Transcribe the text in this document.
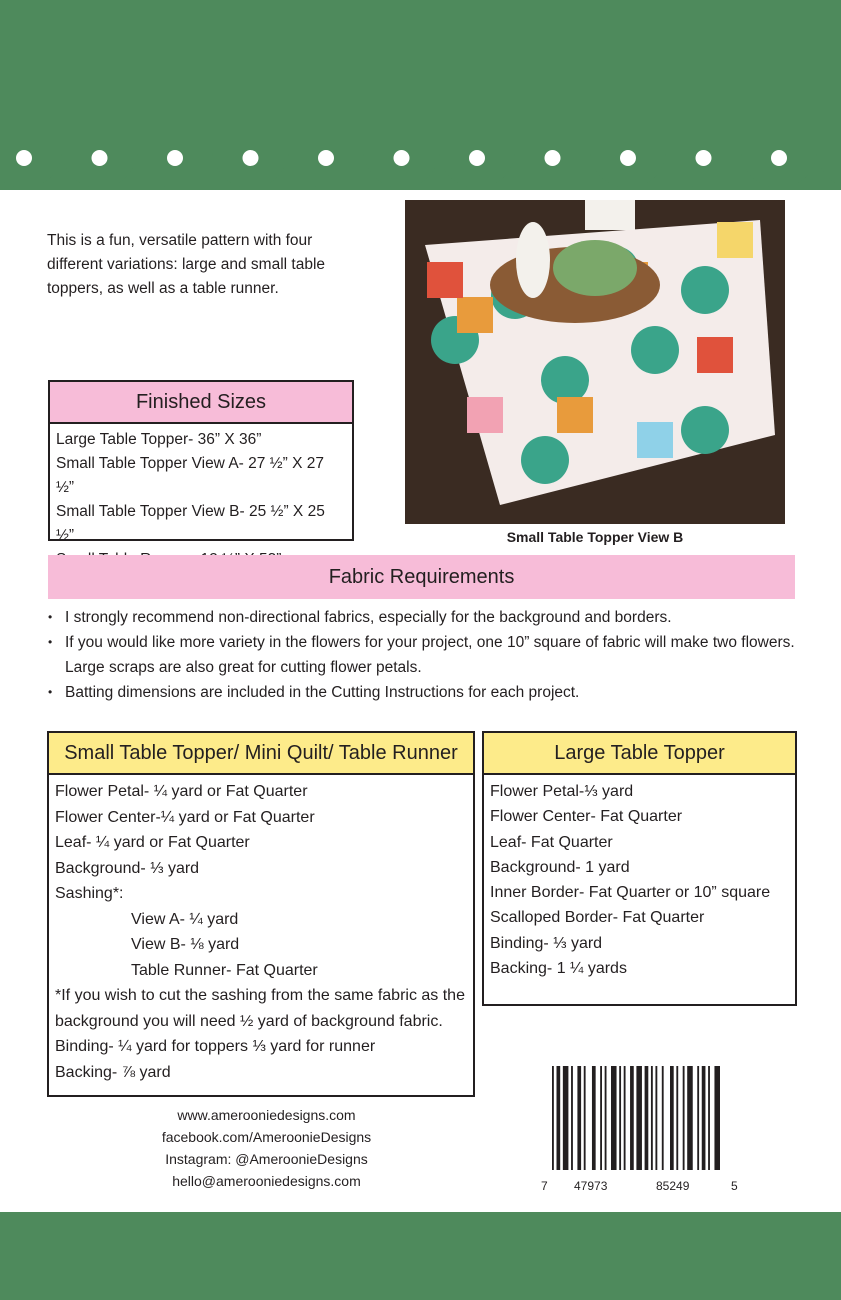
This is a fun, versatile pattern with four different variations: large and small table toppers, as well as a table runner.

Finished Sizes
Large Table Topper- 36” X 36”
Small Table Topper View A- 27 ½” X 27 ½”
Small Table Topper View B- 25 ½” X 25 ½”	Small Table Topper View B
Fabric Requirements
• I strongly recommend non-directional fabrics, especially for the background and borders.
• If you would like more variety in the flowers for your project, one 10” square of fabric will make two flowers. Large scraps are also great for cutting flower petals.
• Batting dimensions are included in the Cutting Instructions for each project.
Small Table Topper/ Mini Quilt/ Table Runner
Flower Petal- ¼ yard or Fat Quarter
Flower Center-¼ yard or Fat Quarter
Leaf- ¼ yard or Fat Quarter
Background- ⅓ yard
Sashing*:
View A- ¼ yard
View B- ⅛ yard
Table Runner- Fat Quarter
*If you wish to cut the sashing from the same fabric as the background you will need ½ yard of background fabric.
Binding- ¼ yard for toppers ⅓ yard for runner
Backing- ⅞ yard
Large Table Topper
Flower Petal-⅓ yard
Flower Center- Fat Quarter
Leaf- Fat Quarter
Background- 1 yard
Inner Border- Fat Quarter or 10” square
Scalloped Border- Fat Quarter
Binding- ⅓ yard
Backing- 1 ¼ yards
www.amerooniedesigns.com
facebook.com/AmeroonieDesigns
Instagram: @AmeroonieDesigns
hello@amerooniedesigns.com	7 47973	85249	5
